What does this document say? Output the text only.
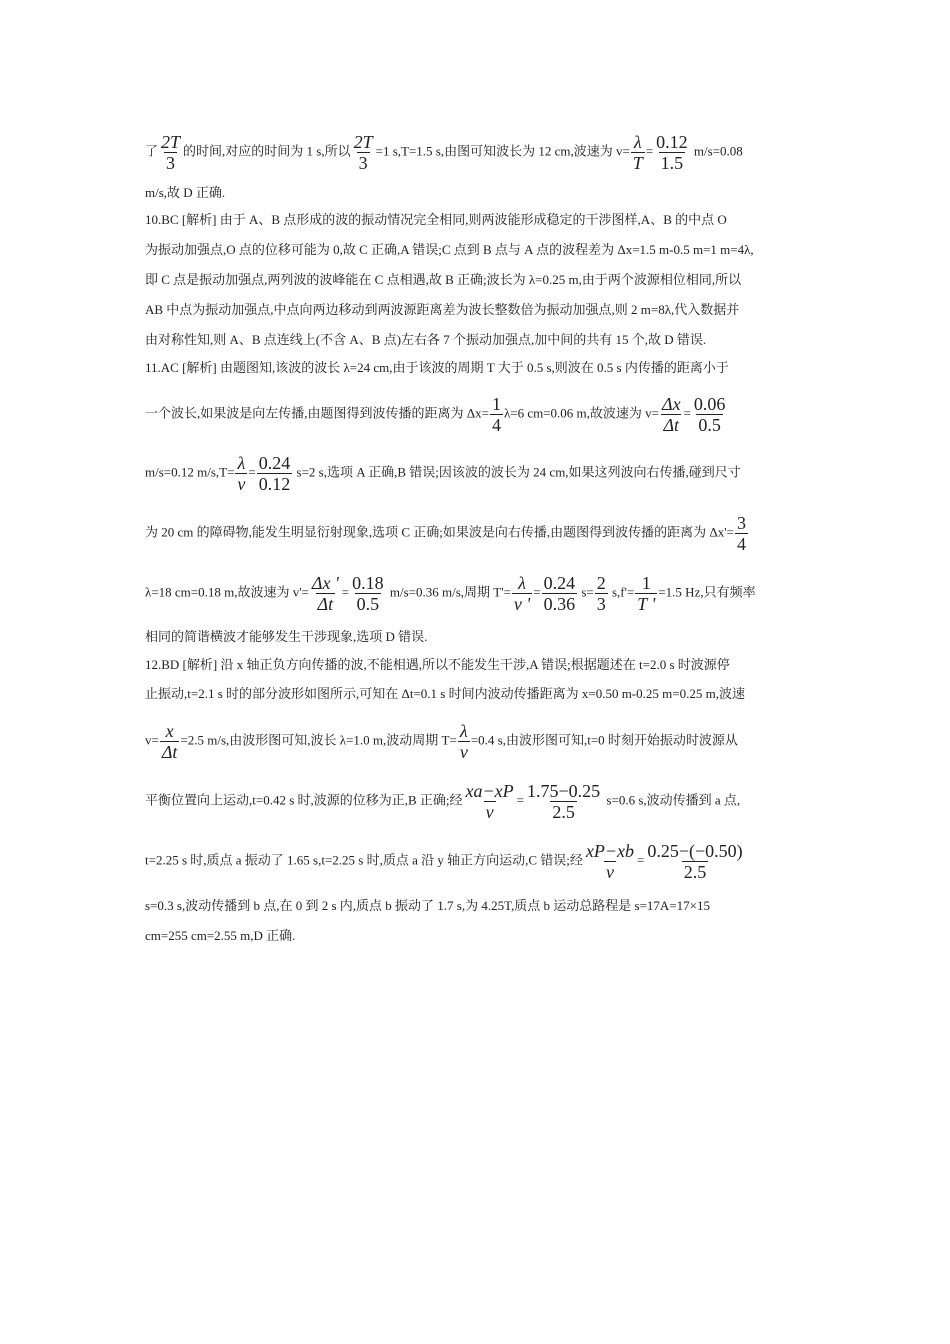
了 $\frac{2T}{3}$ 的时间,对应的时间为 1 s,所以 $\frac{2T}{3} =1$ s,T=1.5 s,由图可知波长为 12 cm,波速为 $v= \frac{\lambda}{T} = \frac{0.12}{1.5} m/s=0.08$
m/s,故 D 正确.
10.BC [解析] 由于 A、B 点形成的波的振动情况完全相同,则两波能形成稳定的干涉图样,A、B 的中点 O
为振动加强点,O 点的位移可能为 0,故 C 正确,A 错误;C 点到 B 点与 A 点的波程差为 Δx=1.5 m-0.5 m=1 m=4λ,
即 C 点是振动加强点,两列波的波峰能在 C 点相遇,故 B 正确;波长为 λ=0.25 m,由于两个波源相位相同,所以
AB 中点为振动加强点,中点向两边移动到两波源距离差为波长整数倍为振动加强点,则 2 m=8λ,代入数据并
由对称性知,则 A、B 点连线上(不含 A、B 点)左右各 7 个振动加强点,加中间的共有 15 个,故 D 错误.
11.AC [解析] 由题图知,该波的波长 λ=24 cm,由于该波的周期 T 大于 0.5 s,则波在 0.5 s 内传播的距离小于
一个波长,如果波是向左传播,由题图得到波传播的距离为 $\Delta x= \frac{1}{4} \lambda=6$ cm=0.06 m,故波速为 $v= \frac{\Delta x}{\Delta t} = \frac{0.06}{0.5}$
m/s=0.12 $m/s,T= \frac{\lambda}{v} = \frac{0.24}{0.12} s=2$ s,选项 A 正确,B 错误;因该波的波长为 24 cm,如果这列波向右传播,碰到尺寸
为 20 cm 的障碍物,能发生明显衍射现象,选项 C 正确;如果波是向右传播,由题图得到波传播的距离为 $\Delta x'= \frac{3}{4}$
λ=18 cm=0.18 m,故波速为 $v'= \frac{\Delta x '}{\Delta t} = \frac{0.18}{0.5} m/s=0.36$ m/s,周期 $T'= \frac{\lambda}{v '} = \frac{0.24}{0.36} s= \frac{2}{3} s,f'= \frac{1}{T '} =1.5$ Hz,只有频率
相同的简谐横波才能够发生干涉现象,选项 D 错误.
12.BD [解析] 沿 x 轴正负方向传播的波,不能相遇,所以不能发生干涉,A 错误;根据题述在 t=2.0 s 时波源停
止振动,t=2.1 s 时的部分波形如图所示,可知在 Δt=0.1 s 时间内波动传播距离为 x=0.50 m-0.25 m=0.25 m,波速
$v= \frac{x}{\Delta t} =2.5$ m/s,由波形图可知,波长 λ=1.0 m,波动周期 $T= \frac{\lambda}{v} =0.4$ s,由波形图可知,t=0 时刻开始振动时波源从
平衡位置向上运动,t=0.42 s 时,波源的位移为正,B 正确;经 $\frac{xa-xP}{v} = \frac{1.75-0.25}{2.5} s=0.6$ s,波动传播到 a 点,
t=2.25 s 时,质点 a 振动了 1.65 s,t=2.25 s 时,质点 a 沿 y 轴正方向运动,C 错误;经 $\frac{xP-xb}{v} = \frac{0.25-(-0.50)}{2.5}$
s=0.3 s,波动传播到 b 点,在 0 到 2 s 内,质点 b 振动了 1.7 s,为 4.25T,质点 b 运动总路程是 s=17A=17×15
cm=255 cm=2.55 m,D 正确.
